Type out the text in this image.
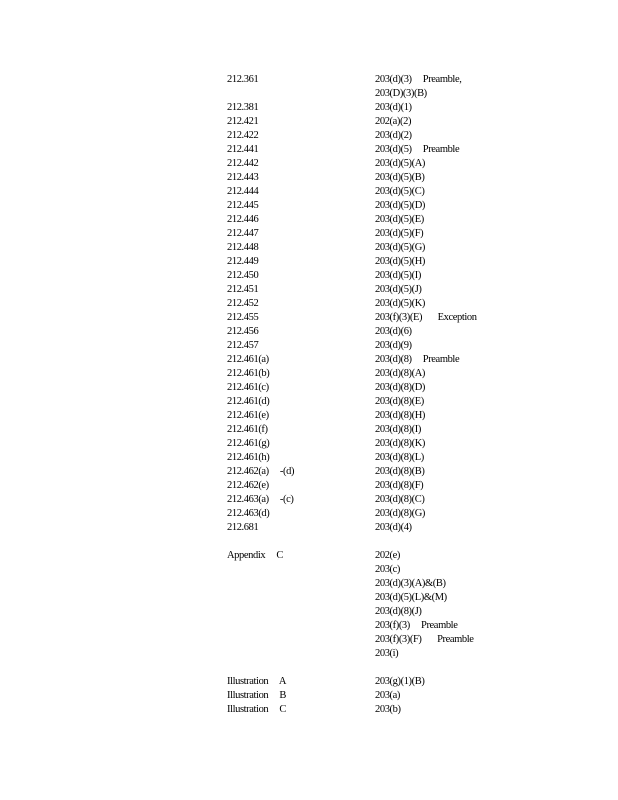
212.361	203(d)(3)     Preamble,
203(D)(3)(B)
212.381	203(d)(1)
212.421	202(a)(2)
212.422	203(d)(2)
212.441	203(d)(5)     Preamble
212.442	203(d)(5)(A)
212.443	203(d)(5)(B)
212.444	203(d)(5)(C)
212.445	203(d)(5)(D)
212.446	203(d)(5)(E)
212.447	203(d)(5)(F)
212.448	203(d)(5)(G)
212.449	203(d)(5)(H)
212.450	203(d)(5)(I)
212.451	203(d)(5)(J)
212.452	203(d)(5)(K)
212.455	203(f)(3)(E)       Exception
212.456	203(d)(6)
212.457	203(d)(9)
212.461(a)	203(d)(8)     Preamble
212.461(b)	203(d)(8)(A)
212.461(c)	203(d)(8)(D)
212.461(d)	203(d)(8)(E)
212.461(e)	203(d)(8)(H)
212.461(f)	203(d)(8)(I)
212.461(g)	203(d)(8)(K)
212.461(h)	203(d)(8)(L)
212.462(a)     -(d)	203(d)(8)(B)
212.462(e)	203(d)(8)(F)
212.463(a)     -(c)	203(d)(8)(C)
212.463(d)	203(d)(8)(G)
212.681	203(d)(4)
Appendix     C	202(e)
203(c)
203(d)(3)(A)&(B)
203(d)(5)(L)&(M)
203(d)(8)(J)
203(f)(3)     Preamble
203(f)(3)(F)       Preamble
203(i)
Illustration     A	203(g)(1)(B)
Illustration     B	203(a)
Illustration     C	203(b)
